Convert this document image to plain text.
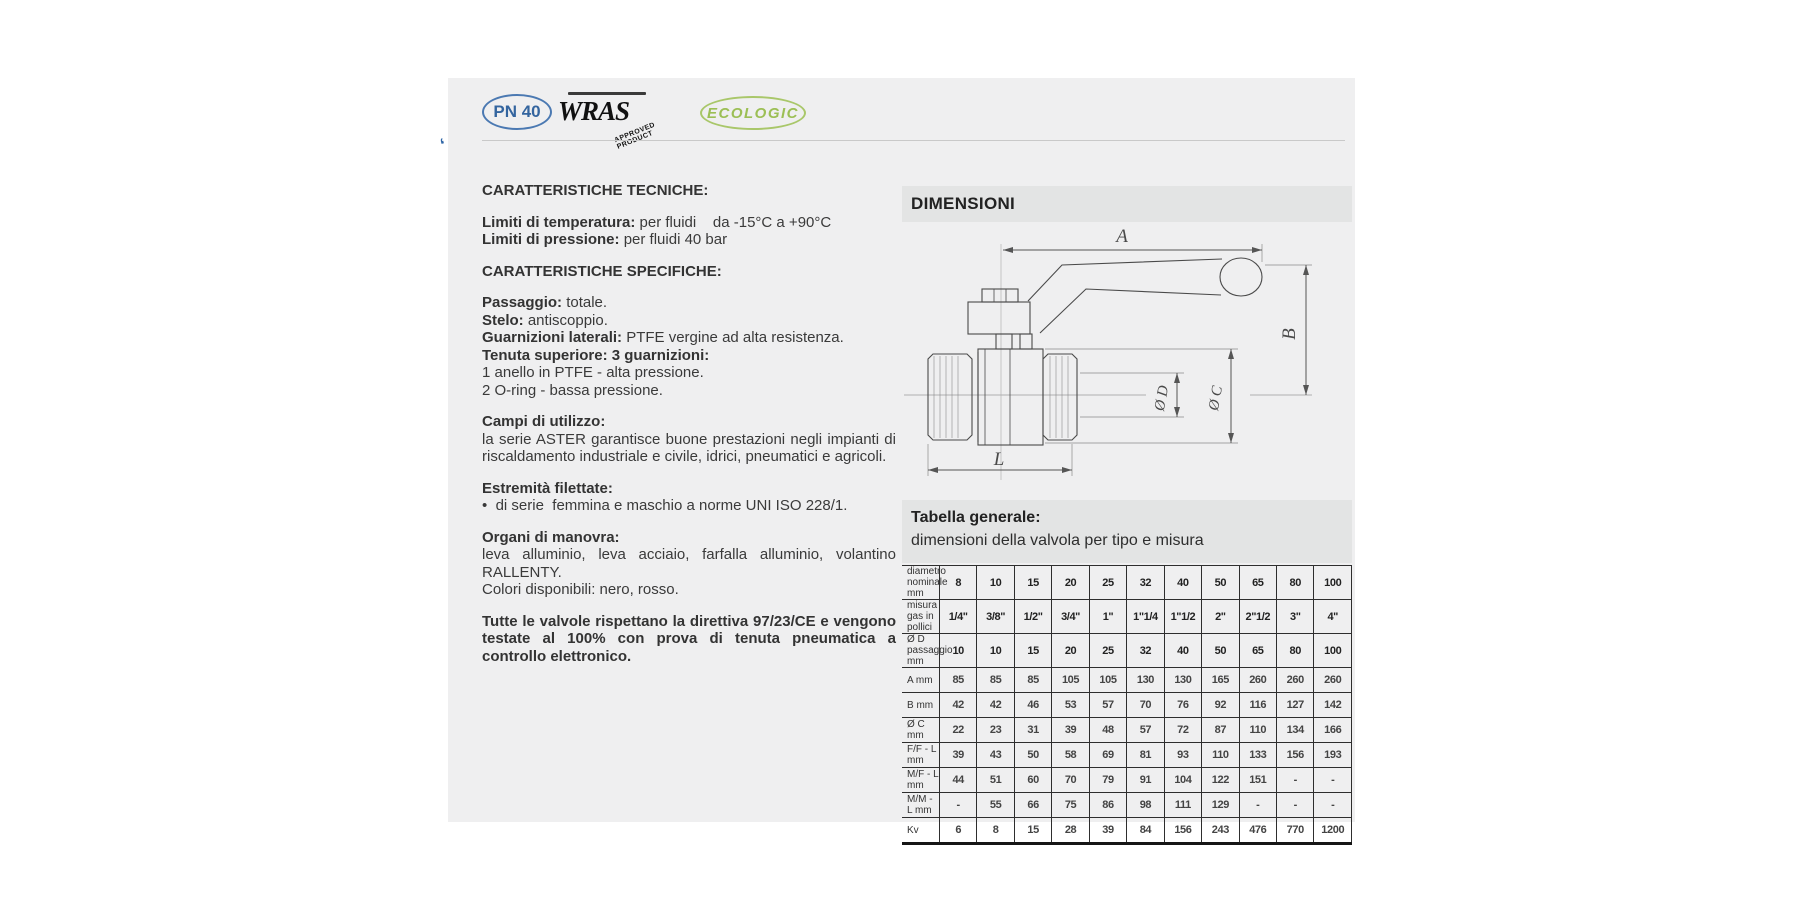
,
PN 40 WRAS
APPROVED PRODUCT
ECOLOGIC
CARATTERISTICHE TECNICHE:
Limiti di temperatura: per fluidi    da -15°C a +90°C
Limiti di pressione: per fluidi 40 bar
CARATTERISTICHE SPECIFICHE:
Passaggio: totale.
Stelo: antiscoppio.
Guarnizioni laterali: PTFE vergine ad alta resistenza.
Tenuta superiore: 3 guarnizioni:
1 anello in PTFE - alta pressione.
2 O-ring - bassa pressione.
Campi di utilizzo:
la serie ASTER garantisce buone prestazioni negli impianti di riscaldamento industriale e civile, idrici, pneumatici e agricoli.
Estremità filettate:
•  di serie  femmina e maschio a norme UNI ISO 228/1.
Organi di manovra:
leva alluminio, leva acciaio, farfalla alluminio, volantino RALLENTY.
Colori disponibili: nero, rosso.
Tutte le valvole rispettano la direttiva 97/23/CE e vengono testate al 100% con prova di tenuta pneumatica a controllo elettronico.
DIMENSIONI
A
B
Ø D Ø C
L
Tabella generale:
dimensioni della valvola per tipo e misura
diametro nominale mm	8	10	15	20	25	32	40	50	65	80	100
misura gas in pollici	1/4"	3/8"	1/2"	3/4"	1"	1"1/4	1"1/2	2"	2"1/2	3"	4"
Ø D passaggio mm	10	10	15	20	25	32	40	50	65	80	100
A mm	85	85	85	105	105	130	130	165	260	260	260
B mm	42	42	46	53	57	70	76	92	116	127	142
Ø C mm	22	23	31	39	48	57	72	87	110	134	166
F/F - L mm	39	43	50	58	69	81	93	110	133	156	193
M/F - L mm	44	51	60	70	79	91	104	122	151	-	-
M/M - L mm	-	55	66	75	86	98	111	129	-	-	-
Kv	6	8	15	28	39	84	156	243	476	770	1200
